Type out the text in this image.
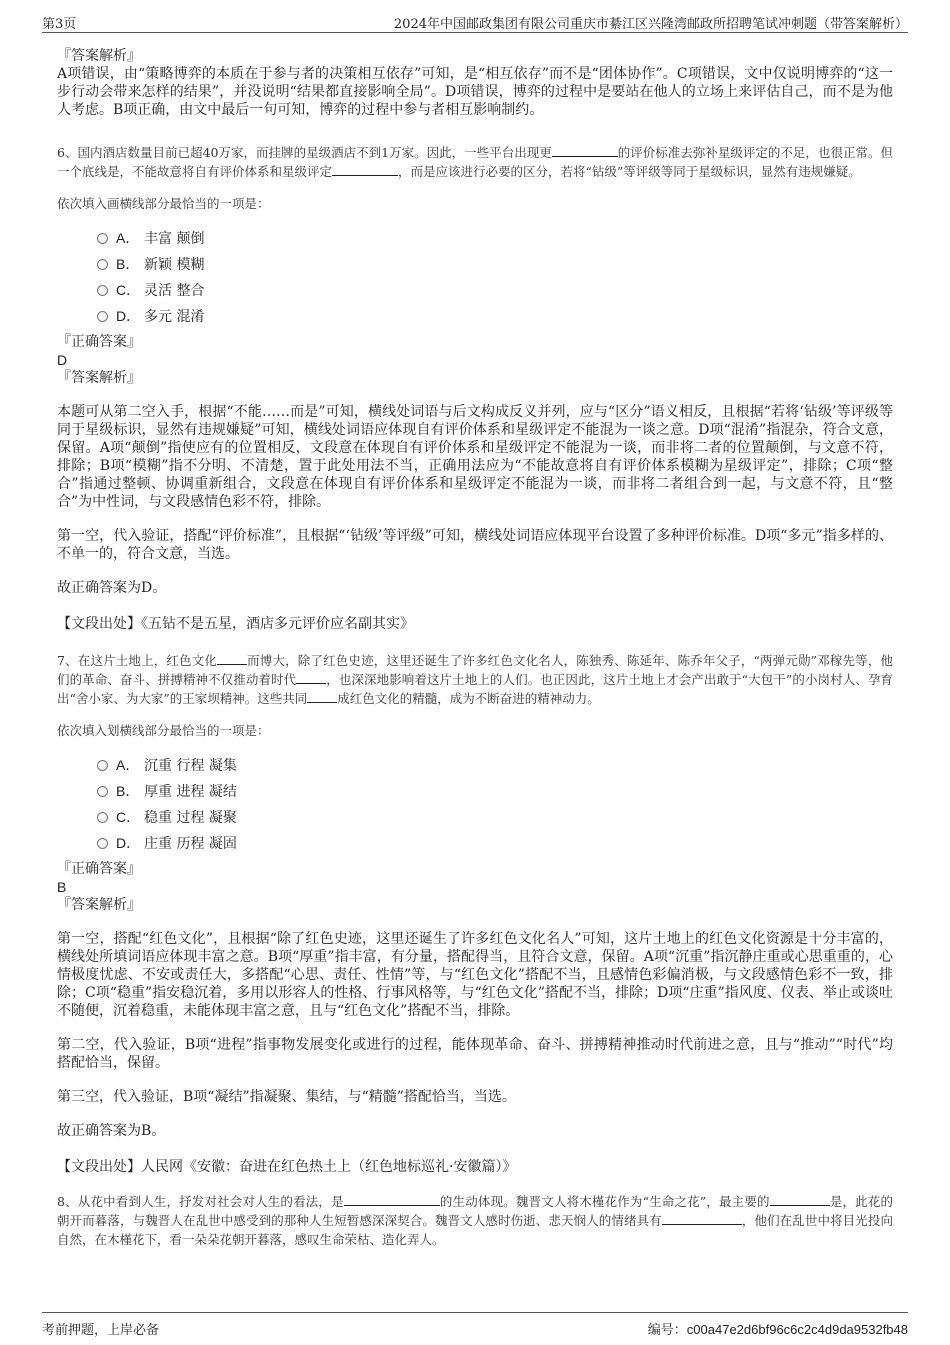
第3页	2024年中国邮政集团有限公司重庆市綦江区兴隆湾邮政所招聘笔试冲刺题（带答案解析）

『答案解析』

A项错误，由“策略博弈的本质在于参与者的决策相互依存”可知，是“相互依存”而不是“团体协作”。C项错误，文中仅说明博弈的“这一步行动会带来怎样的结果”，并没说明“结果都直接影响全局”。D项错误，博弈的过程中是要站在他人的立场上来评估自己，而不是为他人考虑。B项正确，由文中最后一句可知，博弈的过程中参与者相互影响制约。

6、国内酒店数量目前已超40万家，而挂牌的星级酒店不到1万家。因此，一些平台出现更	的评价标准去弥补星级评定的不足，也很正常。但一个底线是，不能故意将自有评价体系和星级评定	，而是应该进行必要的区分，若将“钻级”等评级等同于星级标识，显然有违规嫌疑。

依次填入画横线部分最恰当的一项是：

A． 丰富 颠倒
B． 新颖 模糊
C． 灵活 整合
D． 多元 混淆

『正确答案』

D

『答案解析』

本题可从第二空入手，根据“不能……而是”可知，横线处词语与后文构成反义并列，应与“区分”语义相反，且根据“若将‘钻级’等评级等同于星级标识，显然有违规嫌疑”可知，横线处词语应体现自有评价体系和星级评定不能混为一谈之意。D项“混淆”指混杂，符合文意，保留。A项“颠倒”指使应有的位置相反，文段意在体现自有评价体系和星级评定不能混为一谈，而非将二者的位置颠倒，与文意不符，排除；B项“模糊”指不分明、不清楚，置于此处用法不当，正确用法应为“不能故意将自有评价体系模糊为星级评定”，排除；C项“整合”指通过整顿、协调重新组合，文段意在体现自有评价体系和星级评定不能混为一谈，而非将二者组合到一起，与文意不符，且“整合”为中性词，与文段感情色彩不符，排除。

第一空，代入验证，搭配“评价标准”，且根据“‘钻级’等评级”可知，横线处词语应体现平台设置了多种评价标准。D项“多元”指多样的、不单一的，符合文意，当选。

故正确答案为D。

【文段出处】《五钻不是五星，酒店多元评价应名副其实》

7、在这片土地上，红色文化 而博大，除了红色史迹，这里还诞生了许多红色文化名人，陈独秀、陈延年、陈乔年父子，“两弹元勋”邓稼先等，他们的革命、奋斗、拼搏精神不仅推动着时代 ，也深深地影响着这片土地上的人们。也正因此，这片土地上才会产出敢于“大包干”的小岗村人、孕育出“舍小家、为大家”的王家坝精神。这些共同 成红色文化的精髓，成为不断奋进的精神动力。

依次填入划横线部分最恰当的一项是：

A． 沉重 行程 凝集
B． 厚重 进程 凝结
C． 稳重 过程 凝聚
D． 庄重 历程 凝固

『正确答案』

B

『答案解析』

第一空，搭配“红色文化”，且根据“除了红色史迹，这里还诞生了许多红色文化名人”可知，这片土地上的红色文化资源是十分丰富的，横线处所填词语应体现丰富之意。B项“厚重”指丰富，有分量，搭配得当，且符合文意，保留。A项“沉重”指沉静庄重或心思重重的，心情极度忧虑、不安或责任大，多搭配“心思、责任、性情”等，与“红色文化”搭配不当，且感情色彩偏消极，与文段感情色彩不一致，排除；C项“稳重”指安稳沉着，多用以形容人的性格、行事风格等，与“红色文化”搭配不当，排除；D项“庄重”指风度、仪表、举止或谈吐不随便，沉着稳重，未能体现丰富之意，且与“红色文化”搭配不当，排除。

第二空，代入验证，B项“进程”指事物发展变化或进行的过程，能体现革命、奋斗、拼搏精神推动时代前进之意，且与“推动”“时代”均搭配恰当，保留。

第三空，代入验证，B项“凝结”指凝聚、集结，与“精髓”搭配恰当，当选。

故正确答案为B。

【文段出处】人民网《安徽：奋进在红色热土上（红色地标巡礼·安徽篇）》

8、从花中看到人生，抒发对社会对人生的看法，是	的生动体现。魏晋文人将木槿花作为“生命之花”，最主要的	是，此花的朝开而暮落，与魏晋人在乱世中感受到的那种人生短暂感深深契合。魏晋文人感时伤逝、悲天悯人的情绪具有	，他们在乱世中将目光投向自然，在木槿花下，看一朵朵花朝开暮落，感叹生命荣枯、造化弄人。

考前押题，上岸必备	编号：c00a47e2d6bf96c6c2c4d9da9532fb48
